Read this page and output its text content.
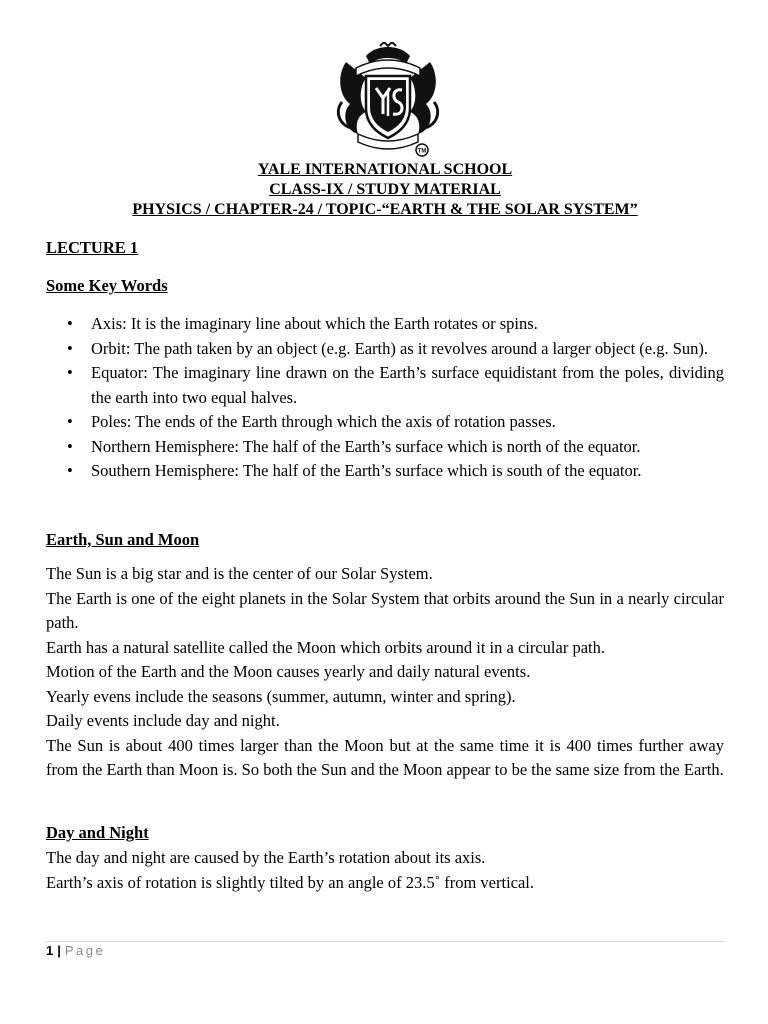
TM
YALE INTERNATIONAL SCHOOL
CLASS-IX / STUDY MATERIAL
PHYSICS / CHAPTER-24 / TOPIC-“EARTH & THE SOLAR SYSTEM”
LECTURE 1
Some Key Words
• Axis: It is the imaginary line about which the Earth rotates or spins.
• Orbit: The path taken by an object (e.g. Earth) as it revolves around a larger object (e.g. Sun).
• Equator: The imaginary line drawn on the Earth’s surface equidistant from the poles, dividing the earth into two equal halves.
• Poles: The ends of the Earth through which the axis of rotation passes.
• Northern Hemisphere: The half of the Earth’s surface which is north of the equator.
• Southern Hemisphere: The half of the Earth’s surface which is south of the equator.
Earth, Sun and Moon

The Sun is a big star and is the center of our Solar System.

The Earth is one of the eight planets in the Solar System that orbits around the Sun in a nearly circular path.

Earth has a natural satellite called the Moon which orbits around it in a circular path.

Motion of the Earth and the Moon causes yearly and daily natural events.

Yearly evens include the seasons (summer, autumn, winter and spring).

Daily events include day and night.

The Sun is about 400 times larger than the Moon but at the same time it is 400 times further away from the Earth than Moon is. So both the Sun and the Moon appear to be the same size from the Earth.

Day and Night

The day and night are caused by the Earth’s rotation about its axis.

Earth’s axis of rotation is slightly tilted by an angle of 23.5˚ from vertical.

1 | Page
